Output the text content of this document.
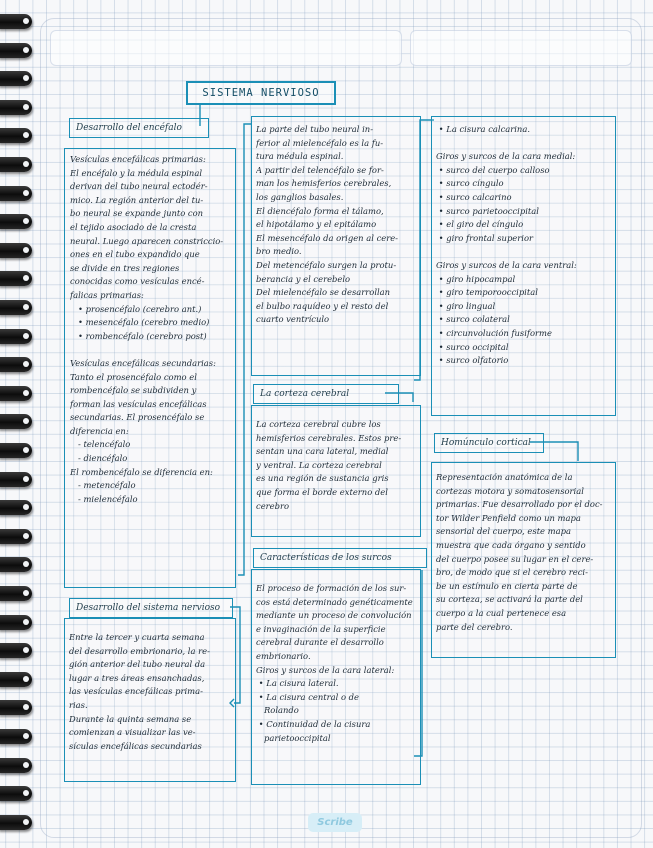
SISTEMA NERVIOSO
Desarrollo del encéfalo
Vesículas encefálicas primarias:
El encéfalo y la médula espinal
derivan del tubo neural ectodér-
mico. La región anterior del tu-
bo neural se expande junto con
el tejido asociado de la cresta
neural. Luego aparecen constriccio-
ones en el tubo expandido que
se divide en tres regiones
conocidas como vesículas encé-
falicas primarias:
• prosencéfalo (cerebro ant.)
• mesencéfalo (cerebro medio)
• rombencéfalo (cerebro post)
Vesículas encefálicas secundarias:
Tanto el prosencéfalo como el
rombencéfalo se subdividen y
forman las vesículas encefálicas
secundarias. El prosencéfalo se
diferencia en:
- telencéfalo
- diencéfalo
El rombencéfalo se diferencia en:
- metencéfalo
- mielencéfalo
Desarrollo del sistema nervioso
Entre la tercer y cuarta semana
del desarrollo embrionario, la re-
gión anterior del tubo neural da
lugar a tres áreas ensanchadas,
las vesículas encefálicas prima-
rias.
Durante la quinta semana se
comienzan a visualizar las ve-
sículas encefálicas secundarias
La parte del tubo neural in-
ferior al mielencéfalo es la fu-
tura médula espinal.
A partir del telencéfalo se for-
man los hemisferios cerebrales,
los ganglios basales.
El diencéfalo forma el tálamo,
el hipotálamo y el epitálamo
El mesencéfalo da origen al cere-
bro medio.
Del metencéfalo surgen la protu-
berancia y el cerebelo
Del mielencéfalo se desarrollan
el bulbo raquídeo y el resto del
cuarto ventrículo
La corteza cerebral
La corteza cerebral cubre los
hemisferios cerebrales. Estos pre-
sentan una cara lateral, medial
y ventral. La corteza cerebral
es una región de sustancia gris
que forma el borde externo del
cerebro
Características de los surcos
El proceso de formación de los sur-
cos está determinado genéticamente
mediante un proceso de convolución
e invaginación de la superficie
cerebral durante el desarrollo
embrionario.
Giros y surcos de la cara lateral:
• La cisura lateral.
• La cisura central o de
Rolando
• Continuidad de la cisura
parietooccipital
• La cisura calcarina.
Giros y surcos de la cara medial:
• surco del cuerpo calloso
• surco cíngulo
• surco calcarino
• surco parietooccipital
• el giro del cíngulo
• giro frontal superior
Giros y surcos de la cara ventral:
• giro hipocampal
• giro temporooccipital
• giro lingual
• surco colateral
• circunvolución fusiforme
• surco occipital
• surco olfatorio
Homúnculo cortical
Representación anatómica de la
cortezas motora y somatosensorial
primarias. Fue desarrollado por el doc-
tor Wilder Penfield como un mapa
sensorial del cuerpo, este mapa
muestra que cada órgano y sentido
del cuerpo posee su lugar en el cere-
bro, de modo que si el cerebro reci-
be un estímulo en cierta parte de
su corteza, se activará la parte del
cuerpo a la cual pertenece esa
parte del cerebro.
Scribe
